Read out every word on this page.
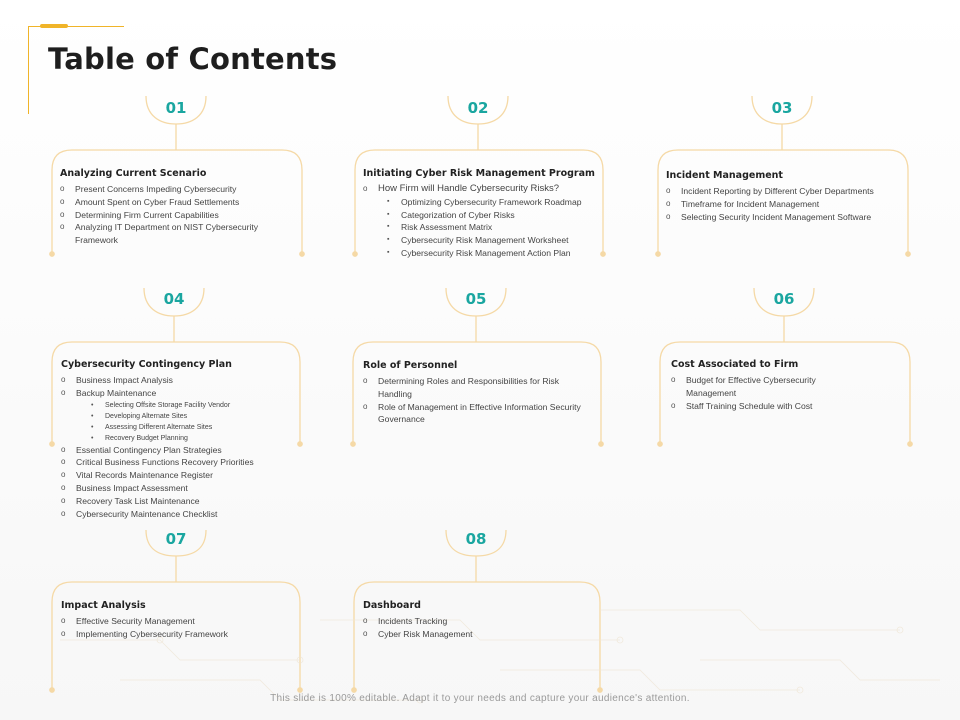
Table of Contents
01	02	03
04	05	06
07	08
Analyzing Current Scenario
o Present Concerns Impeding Cybersecurity
o Amount Spent on Cyber Fraud Settlements
o Determining Firm Current Capabilities
o Analyzing IT Department on NIST Cybersecurity Framework
Initiating Cyber Risk Management Program
o How Firm will Handle Cybersecurity Risks?
▪ Optimizing Cybersecurity Framework Roadmap
▪ Categorization of Cyber Risks
▪ Risk Assessment Matrix
▪ Cybersecurity Risk Management Worksheet
▪ Cybersecurity Risk Management Action Plan
Incident Management
o Incident Reporting by Different Cyber Departments
o Timeframe for Incident Management
o Selecting Security Incident Management Software
Cybersecurity Contingency Plan
o Business Impact Analysis
o Backup Maintenance
• Selecting Offsite Storage Facility Vendor
• Developing Alternate Sites
• Assessing Different Alternate Sites
• Recovery Budget Planning
o Essential Contingency Plan Strategies
o Critical Business Functions Recovery Priorities
o Vital Records Maintenance Register
o Business Impact Assessment
o Recovery Task List Maintenance
o Cybersecurity Maintenance Checklist
Role of Personnel
o Determining Roles and Responsibilities for Risk Handling
o Role of Management in Effective Information Security Governance
Cost Associated to Firm
o Budget for Effective Cybersecurity Management
o Staff Training Schedule with Cost
Impact Analysis
o Effective Security Management
o Implementing Cybersecurity Framework
Dashboard
o Incidents Tracking
o Cyber Risk Management
This slide is 100% editable. Adapt it to your needs and capture your audience's attention.
